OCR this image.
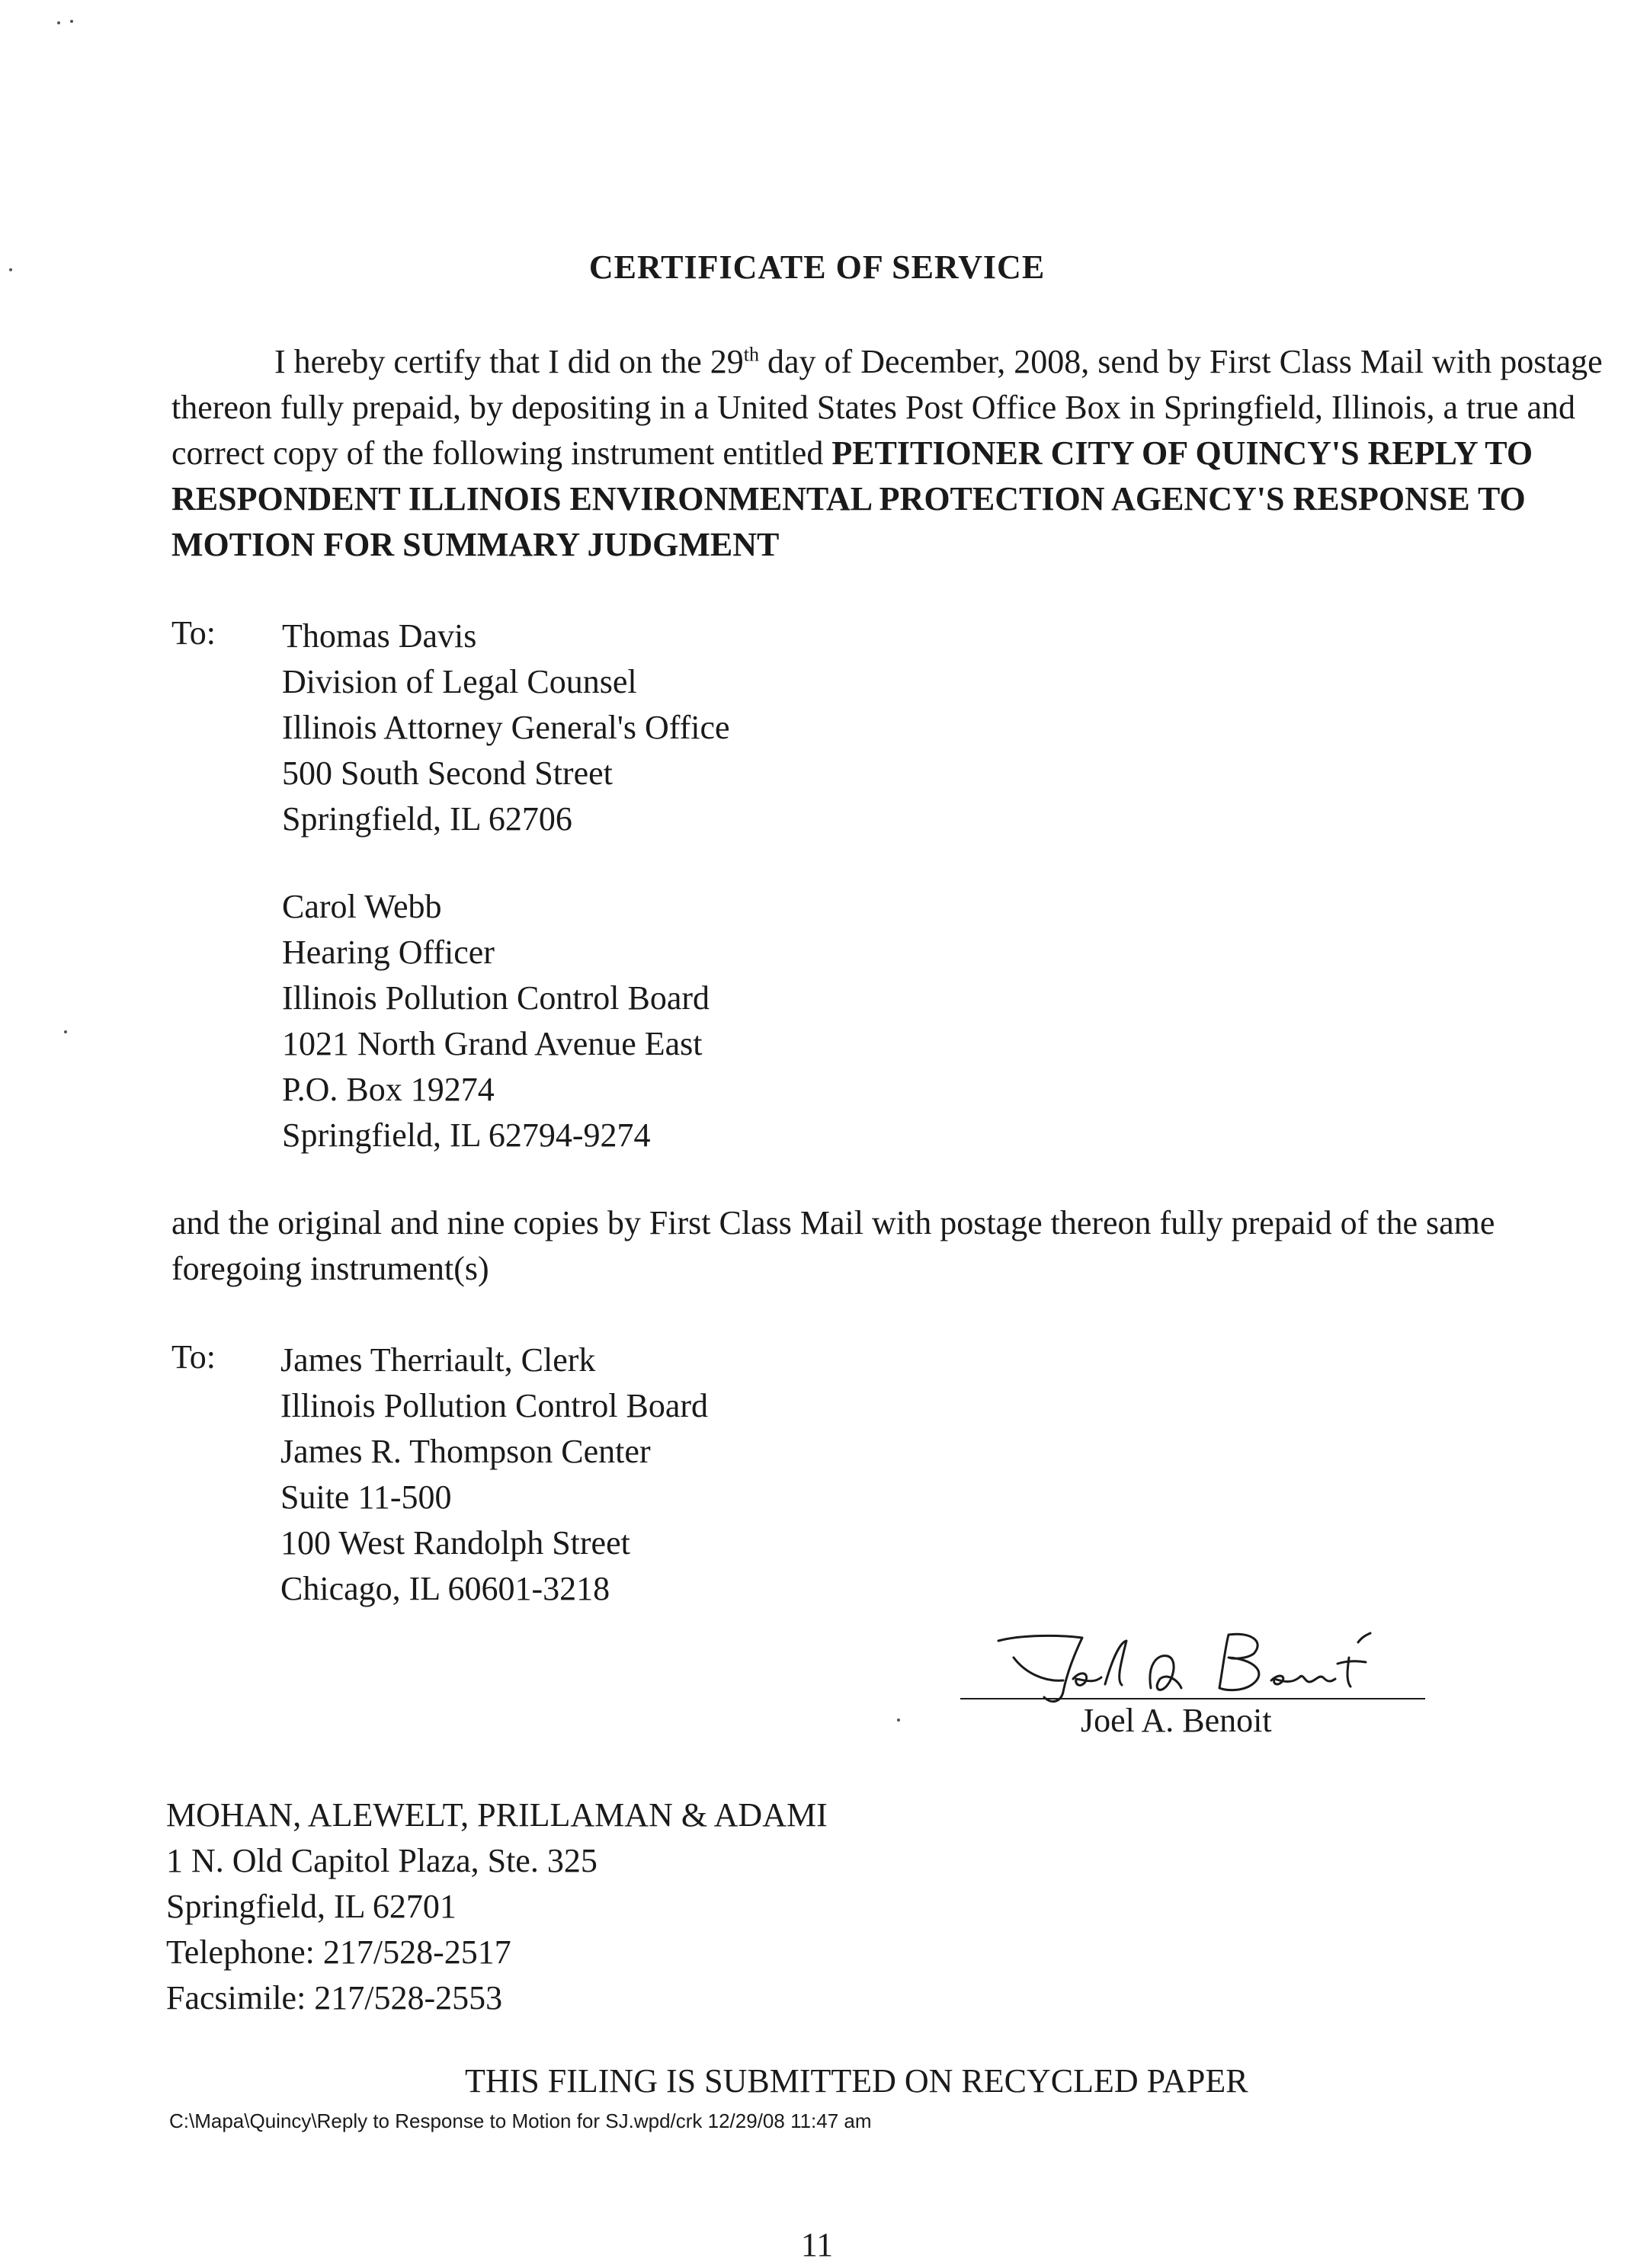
CERTIFICATE OF SERVICE
I hereby certify that I did on the 29th day of December, 2008, send by First Class Mail with postage thereon fully prepaid, by depositing in a United States Post Office Box in Springfield, Illinois, a true and correct copy of the following instrument entitled PETITIONER CITY OF QUINCY'S REPLY TO RESPONDENT ILLINOIS ENVIRONMENTAL PROTECTION AGENCY'S RESPONSE TO MOTION FOR SUMMARY JUDGMENT
To: Thomas Davis
Division of Legal Counsel
Illinois Attorney General's Office
500 South Second Street
Springfield, IL 62706
Carol Webb
Hearing Officer
Illinois Pollution Control Board
1021 North Grand Avenue East
P.O. Box 19274
Springfield, IL 62794-9274
and the original and nine copies by First Class Mail with postage thereon fully prepaid of the same foregoing instrument(s)
To: James Therriault, Clerk
Illinois Pollution Control Board
James R. Thompson Center
Suite 11-500
100 West Randolph Street
Chicago, IL 60601-3218
Joel A. Benoit
MOHAN, ALEWELT, PRILLAMAN & ADAMI
1 N. Old Capitol Plaza, Ste. 325
Springfield, IL 62701
Telephone: 217/528-2517
Facsimile: 217/528-2553
THIS FILING IS SUBMITTED ON RECYCLED PAPER
C:\Mapa\Quincy\Reply to Response to Motion for SJ.wpd/crk 12/29/08 11:47 am
11
